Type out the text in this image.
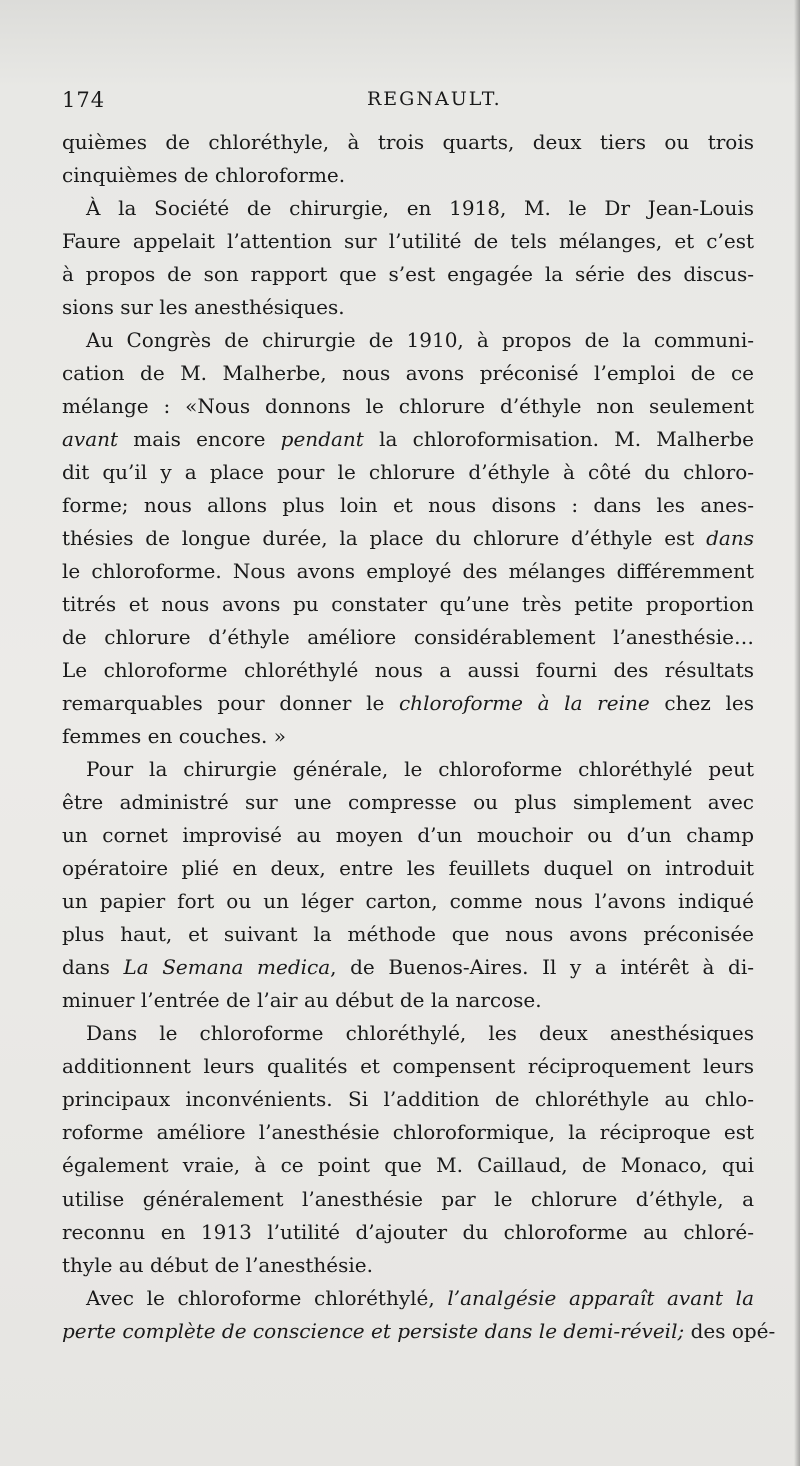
174	REGNAULT.
quièmes de chloréthyle, à trois quarts, deux tiers ou trois
cinquièmes de chloroforme.
À la Société de chirurgie, en 1918, M. le Dr Jean-Louis
Faure appelait l’attention sur l’utilité de tels mélanges, et c’est
à propos de son rapport que s’est engagée la série des discus-
sions sur les anesthésiques.
Au Congrès de chirurgie de 1910, à propos de la communi-
cation de M. Malherbe, nous avons préconisé l’emploi de ce
mélange : «Nous donnons le chlorure d’éthyle non seulement
avant mais encore pendant la chloroformisation. M. Malherbe
dit qu’il y a place pour le chlorure d’éthyle à côté du chloro-
forme; nous allons plus loin et nous disons : dans les anes-
thésies de longue durée, la place du chlorure d’éthyle est dans
le chloroforme. Nous avons employé des mélanges différemment
titrés et nous avons pu constater qu’une très petite proportion
de chlorure d’éthyle améliore considérablement l’anesthésie…
Le chloroforme chloréthylé nous a aussi fourni des résultats
remarquables pour donner le chloroforme à la reine chez les
femmes en couches. »
Pour la chirurgie générale, le chloroforme chloréthylé peut
être administré sur une compresse ou plus simplement avec
un cornet improvisé au moyen d’un mouchoir ou d’un champ
opératoire plié en deux, entre les feuillets duquel on introduit
un papier fort ou un léger carton, comme nous l’avons indiqué
plus haut, et suivant la méthode que nous avons préconisée
dans La Semana medica, de Buenos-Aires. Il y a intérêt à di-
minuer l’entrée de l’air au début de la narcose.
Dans le chloroforme chloréthylé, les deux anesthésiques
additionnent leurs qualités et compensent réciproquement leurs
principaux inconvénients. Si l’addition de chloréthyle au chlo-
roforme améliore l’anesthésie chloroformique, la réciproque est
également vraie, à ce point que M. Caillaud, de Monaco, qui
utilise généralement l’anesthésie par le chlorure d’éthyle, a
reconnu en 1913 l’utilité d’ajouter du chloroforme au chloré-
thyle au début de l’anesthésie.
Avec le chloroforme chloréthylé, l’analgésie apparaît avant la
perte complète de conscience et persiste dans le demi-réveil; des opé-
